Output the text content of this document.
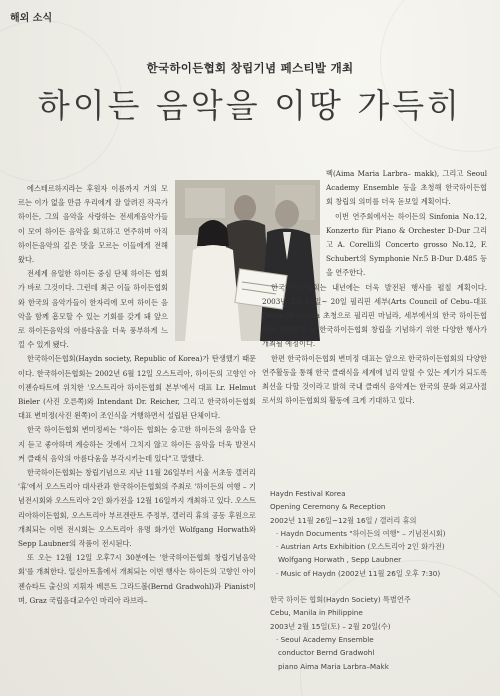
해외 소식
한국하이든협회 창립기념 페스티발 개최
하이든 음악을 이땅 가득히

에스테르하지라는 후원자 이름까지 거의 모르는 이가 없을 만큼 우리에게 잘 알려진 작곡가 하이든, 그의 음악을 사랑하는 전세계음악가들이 모여 하이든 음악을 회고하고 연주하며 아직 하이든음악의 깊은 맛을 모르는 이들에게 전해왔다.

전세계 유일한 하이든 중심 단체 하이든 협회가 바로 그것이다. 그런데 최근 이들 하이든협회와 한국의 음악가들이 한자리에 모여 하이든 음악을 함께 흠모할 수 있는 기회를 갖게 돼 앞으로 하이든음악의 아름다움을 더욱 풍부하게 느낄 수 있게 됐다.

한국하이든협회(Haydn society, Republic of Korea)가 탄생했기 때문이다. 한국하이든협회는 2002년 6월 12일 오스트리아, 하이든의 고향인 아이젠슈타트에 위치한 '오스트리아 하이든협회 본부'에서 대표 Lr. Helmut Bieler (사진 오른쪽)와 Intendant Dr. Reicher, 그리고 한국하이든협회 대표 변미정(사진 왼쪽)이 조인식을 거행하면서 설립된 단체이다.

한국 하이든협회 변미정씨는 "하이든 협회는 숭고한 하이든의 음악을 단지 듣고 좋아하며 계승하는 것에서 그치지 않고 하이든 음악을 더욱 발전시켜 클래식 음악의 아름다움을 부각시키는데 있다"고 말했다.

한국하이든협회는 창립기념으로 지난 11월 26일부터 서울 서초동 갤러리 '휴'에서 오스트리아 대사관과 한국하이든협회의 주최로 '하이든의 여행 – 기념전시회와 오스트리아 2인 화가전을 12월 16일까지 개최하고 있다. 오스트리아하이든협회, 오스트리아 부르겐란트 주정부, 갤러리 휴의 공동 후원으로 개최되는 이번 전시회는 오스트리아 유명 화가인 Wolfgang Horwath와 Sepp Laubner의 작품이 전시된다.

또 오는 12월 12일 오후7시 30분에는 '한국하이든협회 창립기념음악회'를 개최한다. 일신아트홀에서 개최되는 이번 행사는 하이든의 고향인 아이젠슈타트 출신의 지휘자 베른트 그라드볼(Bernd Gradwohl)과 Pianist이며, Graz 국립음대교수인 마리아 라브라–

벡(Aima Maria Larbra– makk), 그리고 Seoul Academy Ensemble 등을 초청해 한국하이든협회 창립의 의미를 더욱 돋보일 계획이다.

이번 연주회에서는 하이든의 Sinfonia No.12, Konzerto für Piano & Orchester D-Dur 그리고 A. Corelli의 Concerto grosso No.12, F. Schubert의 Symphonie Nr.5 B-Dur D.485 등을 연주한다.

한국하이든협회는 내년에는 더욱 발전된 행사를 펼칠 계획이다. 2003년 2월 15일~ 20일 필리핀 세부(Arts Council of Cebu–대표 Petite M.Garcia 초청으로 필리핀 마닐라, 세부에서의 한국 하이든협회의 특별연주 등 한국하이든협회 창립을 기념하기 위한 다양한 행사가 개최될 예정이다.

한편 한국하이든협회 변미정 대표는 앞으로 한국하이든협회의 다양한 연주활동을 통해 한국 클래식을 세계에 널리 알릴 수 있는 계기가 되도록 최선을 다할 것이라고 밝혀 국내 클래식 음악계는 한국의 문화 외교사절로서의 하이든협회의 활동에 크게 기대하고 있다.

Haydn Festival Korea
Opening Ceremony & Reception
2002년 11월 26일~12월 16일 / 갤러리 휴의
· Haydn Documents "하이든의 여행" – 기념전시회)
· Austrian Arts Exhibition (오스트리아 2인 화가전)
Wolfgang Horwath , Sepp Laubner
· Music of Haydn (2002년 11월 26일 오후 7:30)
한국 하이든 협회(Haydn Society) 특별연주
Cebu, Manila in Philippine
2003년 2월 15일(토) – 2월 20일(수)
· Seoul Academy Ensemble
conductor Bernd Gradwohl
piano Aima Maria Larbra–Makk
